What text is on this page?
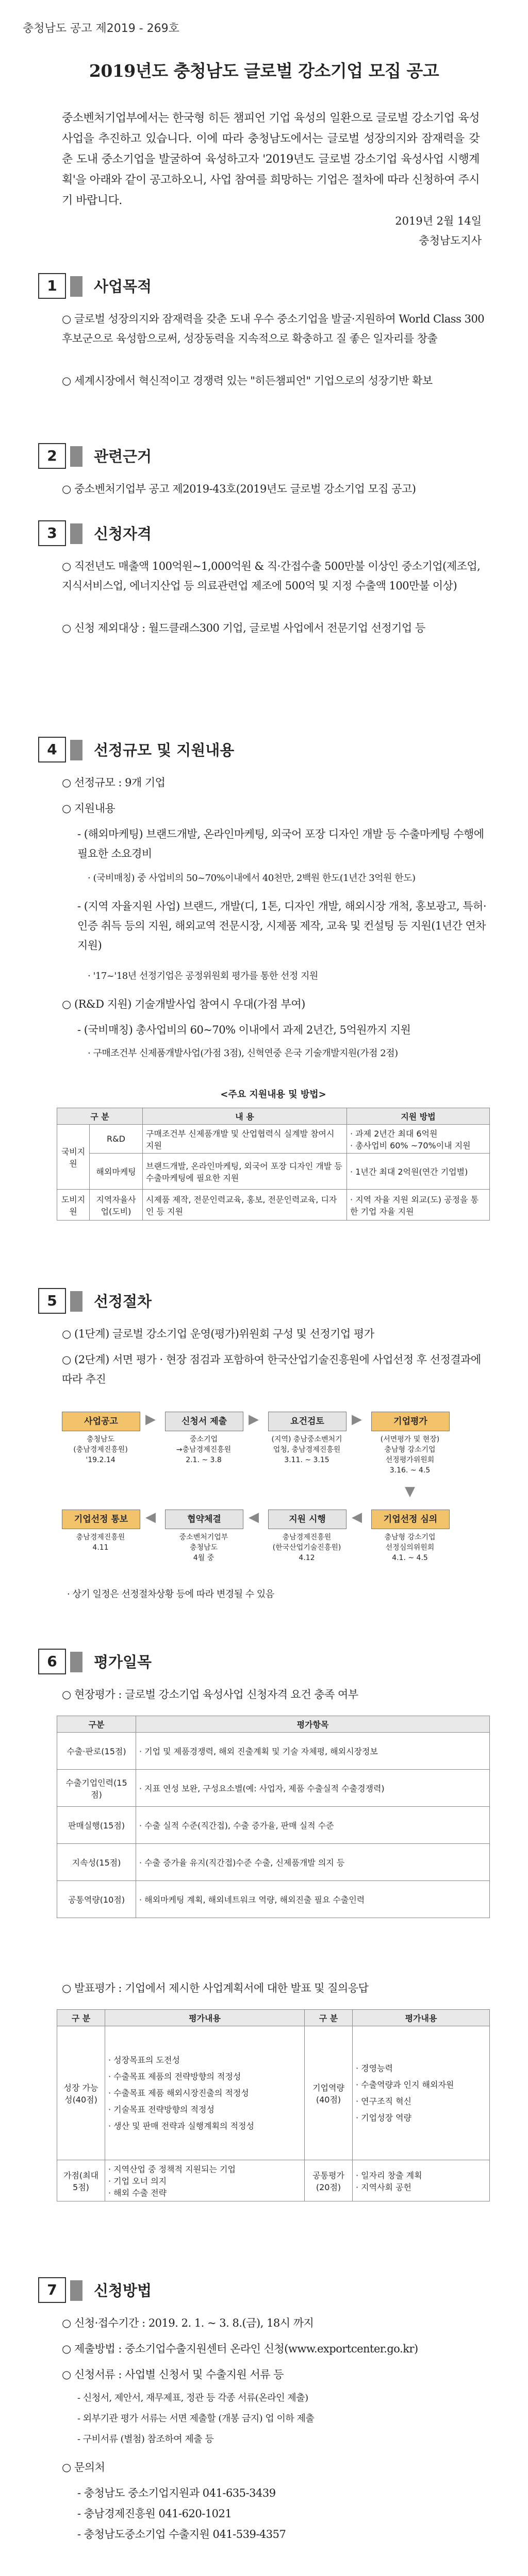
충청남도 공고 제2019 - 269호
2019년도 충청남도 글로벌 강소기업 모집 공고
중소벤처기업부에서는 한국형 히든 챔피언 기업 육성의 일환으로 글로벌 강소기업 육성사업을 추진하고 있습니다. 이에 따라 충청남도에서는 글로벌 성장의지와 잠재력을 갖춘 도내 중소기업을 발굴하여 육성하고자 '2019년도 글로벌 강소기업 육성사업 시행계획'을 아래와 같이 공고하오니, 사업 참여를 희망하는 기업은 절차에 따라 신청하여 주시기 바랍니다.
2019년 2월 14일
충청남도지사
1	사업목적
○ 글로벌 성장의지와 잠재력을 갖춘 도내 우수 중소기업을 발굴·지원하여 World Class 300 후보군으로 육성함으로써, 성장동력을 지속적으로 확충하고 질 좋은 일자리를 창출
○ 세계시장에서 혁신적이고 경쟁력 있는 "히든챔피언" 기업으로의 성장기반 확보
2	관련근거
○ 중소벤처기업부 공고 제2019-43호(2019년도 글로벌 강소기업 모집 공고)
3	신청자격
○ 직전년도 매출액 100억원~1,000억원 & 직·간접수출 500만불 이상인 중소기업(제조업, 지식서비스업, 에너지산업 등 의료관련업 제조에 500억 및 지정 수출액 100만불 이상)
○ 신청 제외대상 : 월드클래스300 기업, 글로벌 사업에서 전문기업 선정기업 등
4	선정규모 및 지원내용
○ 선정규모 : 9개 기업
○ 지원내용
- (해외마케팅) 브랜드개발, 온라인마케팅, 외국어 포장 디자인 개발 등 수출마케팅 수행에 필요한 소요경비
· (국비매칭) 중 사업비의 50~70%이내에서 40천만, 2백원 한도(1년간 3억원 한도)
- (지역 자율지원 사업) 브랜드, 개발(디, 1톤, 디자인 개발, 해외시장 개척, 홍보광고, 특허·인증 취득 등의 지원, 해외교역 전문시장, 시제품 제작, 교육 및 컨설팅 등 지원(1년간 연차지원)
· '17~'18년 선정기업은 공정위원회 평가를 통한 선정 지원
○ (R&D 지원) 기술개발사업 참여시 우대(가점 부여)
- (국비매칭) 총사업비의 60~70% 이내에서 과제 2년간, 5억원까지 지원
· 구매조건부 신제품개발사업(가점 3점), 신혁연중 은국 기술개발지원(가점 2점)
<주요 지원내용 및 방법>
구 분		내 용	지원 방법
국비지원	R&D	구매조건부 신제품개발 및 산업협력식 실계발 참여시 지원	· 과제 2년간 최대 6억원
· 총사업비 60% ~70%이내 지원
	해외마케팅	브랜드개발, 온라인마케팅, 외국어 포장 디자인 개발 등 수출마케팅에 필요한 지원	· 1년간 최대 2억원(연간 기업별)
도비지원	지역자율사업(도비)	시제품 제작, 전문인력교육, 홍보, 전문인력교육, 디자인 등 지원	· 지역 자율 지원 외교(도) 공정을 통한 기업 자율 지원
5	선정절차
○ (1단계) 글로벌 강소기업 운영(평가)위원회 구성 및 선정기업 평가
○ (2단계) 서면 평가 · 현장 점검과 포함하여 한국산업기술진흥원에 사업선정 후 선정결과에 따라 추진
사업공고
충청남도
(충남경제진흥원)
'19.2.14
▶	신청서 제출
중소기업
→충남경제진흥원
2.1. ~ 3.8
▶	요건검토
(지역) 충남중소벤처기업청, 충남경제진흥원
3.11. ~ 3.15
▶	기업평가
(서면평가 및 현장)
충남형 강소기업
선정평가위원회
3.16. ~ 4.5
▼
기업선정 통보
충남경제진흥원
4.11
◀	협약체결
중소벤처기업부
충청남도
4월 중
◀	지원 시행
충남경제진흥원
(한국산업기술진흥원)
4.12
◀	기업선정 심의
충남형 강소기업
선정심의위원회
4.1. ~ 4.5
· 상기 일정은 선정절차상황 등에 따라 변경될 수 있음
6	평가일목
○ 현장평가 : 글로벌 강소기업 육성사업 신청자격 요건 충족 여부
구분	평가항목
수출·판로(15점)	· 기업 및 제품경쟁력, 해외 진출계획 및 기술 자체평, 해외시장정보
수출기업인력(15점)	· 지표 연성 보완, 구성요소별(예: 사업자, 제품 수출실적 수출경쟁력)
판매실행(15점)	· 수출 실적 수준(직간접), 수출 증가율, 판매 실적 수준
지속성(15점)	· 수출 증가율 유지(직간접)수준 수출, 신제품개발 의지 등
공통역량(10점)	· 해외마케팅 계획, 해외네트워크 역량, 해외진출 필요 수출인력
○ 발표평가 : 기업에서 제시한 사업계획서에 대한 발표 및 질의응답
구 분	평가내용	구 분	평가내용
성장 가능성(40점)	· 성장목표의 도전성
· 수출목표 제품의 전략방향의 적정성
· 수출목표 제품 해외시장진출의 적정성
· 기술목표 전략방향의 적정성
· 생산 및 판매 전략과 실행계획의 적정성	기업역량(40점)	· 경영능력
· 수출역량과 인지 해외자원
· 연구조직 혁신
· 기업성장 역량
가점(최대 5점)	· 지역산업 중 정책적 지원되는 기업
· 기업 오너 의지
· 해외 수출 전략	공통평가(20점)	· 일자리 창출 계획
· 지역사회 공헌
7	신청방법
○ 신청·접수기간 : 2019. 2. 1. ~ 3. 8.(금), 18시 까지
○ 제출방법 : 중소기업수출지원센터 온라인 신청(www.exportcenter.go.kr)
○ 신청서류 : 사업별 신청서 및 수출지원 서류 등
- 신청서, 제안서, 재무제표, 정관 등 각종 서류(온라인 제출)
- 외부기관 평가 서류는 서면 제출할 (개봉 금지) 업 이하 제출
- 구비서류 (별첨) 참조하여 제출 등
○ 문의처
- 충청남도 중소기업지원과 041-635-3439
- 충남경제진흥원 041-620-1021
- 충청남도중소기업 수출지원 041-539-4357
